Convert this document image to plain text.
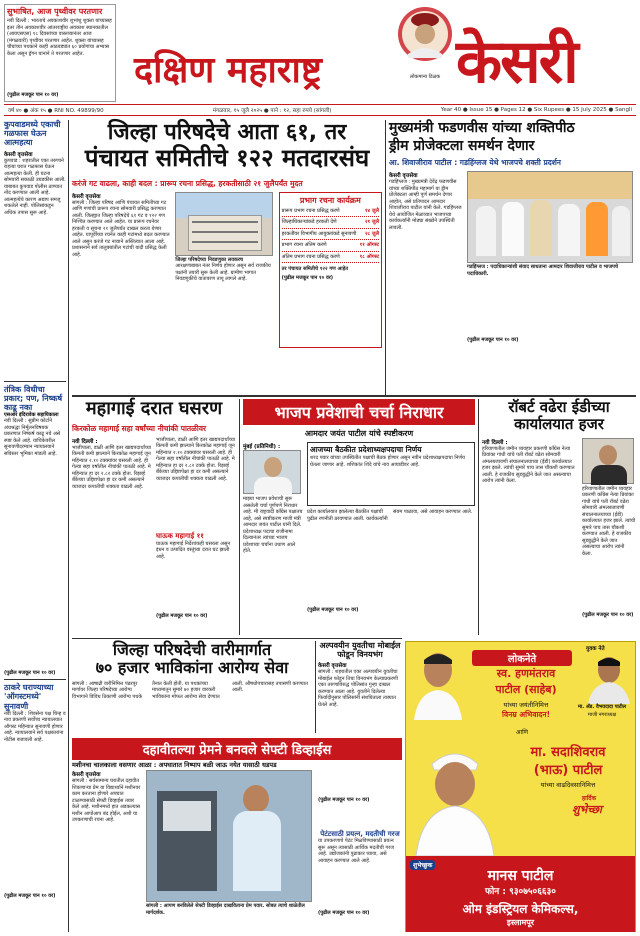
सुभाषित, आज पृथ्वीवर परतणार
नवी दिल्ली : भारताचे अवकाशवीर शुभांशु शुक्ला यांच्यासह इतर तीन अवकाशवीर आंतरराष्ट्रीय अवकाश स्थानकातील (आयएसएस) १८ दिवसांच्या वास्तव्यानंतर आज (मंगळवारी) पृथ्वीवर परतणार आहेत. शुक्ला यांच्यासह चौघांच्या पथकाने काही आठवड्यांत ६० प्रयोगांचा अभ्यास केला असून ड्रॅगन यानाने ते परतणार आहेत.
(पुढील मजकूर पान १० वर)
दक्षिण महाराष्ट्र	लोकमान्य टिळक केसरी
वर्ष ४० ● अंक १५ ● RNI NO. 49899/90	मंगळवार, १५ जुलै २०२५ ● पाने : १२, सहा रुपये (सांगली)	Year 40 ● Issue 15 ● Pages 12 ● Six Rupees ● 15 July 2025 ● Sangli
कुपवाडमध्ये एकाची गळफास घेऊन आत्महत्या
केसरी वृत्तसेवा
कुपवाड : शहरातील एका तरुणाने राहत्या घरात गळफास घेऊन आत्महत्या केली. ही घटना सोमवारी सकाळी उघडकीस आली. याबाबत कुपवाड पोलीस ठाण्यात नोंद करण्यात आली आहे. आत्महत्येचे कारण अद्याप समजू शकलेले नाही. पोलिसांकडून अधिक तपास सुरू आहे.
तंत्रिक विधीचा प्रकार; पण, निष्कर्ष काढू नका
एसआर इंदिरावेक सहायिकाला
नवी दिल्ली : सुप्रीम कोर्टाने अंधश्रद्धा निर्मूलनविषयक प्रकरणात निष्कर्ष काढू नये असे स्पष्ट केले आहे. याचिकेवरील सुनावणीदरम्यान न्यायालयाने सविस्तर भूमिका मांडली आहे.
(पुढील मजकूर पान १० वर)
ठाकरे घराण्याच्या 'ऑगस्टमध्ये' सुनावणी
नवी दिल्ली : शिवसेना पक्ष चिन्ह व नाव प्रकरणी सर्वोच्च न्यायालयात ऑगस्ट महिन्यात सुनावणी होणार आहे. न्यायालयाने सर्व पक्षकारांना नोटीस बजावली आहे.
(पुढील मजकूर पान १० वर)
जिल्हा परिषदेचे आता ६१, तर
पंचायत समितीचे १२२ मतदारसंघ
करंजे गट वाढला, काही बदल : प्रारूप रचना प्रसिद्ध, हरकतीसाठी २१ जुलैपर्यंत मुदत
केसरी वृत्तसेवा
सांगली : जिल्हा परिषद आणि पंचायत समितीच्या गट आणि गणांची प्रारूप रचना सोमवारी प्रसिद्ध करण्यात आली. जिल्ह्यात जिल्हा परिषदेचे ६१ गट व १२२ गण निश्चित करण्यात आले आहेत. या प्रारूप रचनेवर हरकती व सूचना २१ जुलैपर्यंत दाखल करता येणार आहेत. यापूर्वीच्या रचनेत काही गटांमध्ये बदल करण्यात आले असून करंजे गट नव्याने अस्तित्वात आला आहे. प्रशासनाने सर्व तालुक्यांतील गटांची यादी प्रसिद्ध केली आहे.
जिल्हा परिषदेच्या निवडणुका लवकरच
आरक्षणाबाबत नंतर निर्णय होणार असून सर्व राजकीय पक्षांनी तयारी सुरू केली आहे. ग्रामीण भागात निवडणुकीचे वातावरण तापू लागले आहे.
प्रभाग रचना कार्यक्रम
प्रारूप प्रभाग रचना प्रसिद्ध करणे	१४ जुलै
जिल्हाधिकाऱ्यांकडे हरकती देणे	२१ जुलै
हरकतींवर विभागीय आयुक्तांकडे सुनावणी २८ जुलै
प्रभाग रचना अंतिम करणे	११ ऑगस्ट
अंतिम प्रभाग रचना प्रसिद्ध करणे	१८ ऑगस्ट
तर पंचायत समितीचे १२२ गण आहेत
(पुढील मजकूर पान १० वर)
मुख्यमंत्री फडणवीस यांच्या शक्तिपीठ
ड्रीम प्रोजेक्टला समर्थन देणार
आ. शिवाजीराव पाटील : गडहिंग्लज येथे भाजपचे शक्ती प्रदर्शन
केसरी वृत्तसेवा
गडहिंग्लज : मुख्यमंत्री देवेंद्र फडणवीस यांच्या शक्तिपीठ महामार्ग या ड्रीम प्रोजेक्टला आम्ही पूर्ण समर्थन देणार आहोत, असे प्रतिपादन आमदार शिवाजीराव पाटील यांनी केले. गडहिंग्लज येथे आयोजित मेळाव्यात भाजपच्या कार्यकर्त्यांनी मोठ्या संख्येने उपस्थिती लावली.
गडहिंग्लज : पदाधिकाऱ्यांशी संवाद साधताना आमदार शिवाजीराव पाटील व भाजपचे पदाधिकारी.
(पुढील मजकूर पान १० वर)
महागाई दरात घसरण
किरकोळ महागाई सहा वर्षांच्या नीचांकी पातळीवर
नवी दिल्ली :
भाजीपाला, डाळी आणि इतर खाद्यपदार्थांच्या किमती कमी झाल्याने किरकोळ महागाई जून महिन्यात २.१० टक्क्यांवर घसरली आहे. ही गेल्या सहा वर्षांतील नीचांकी पातळी आहे. मे महिन्यात हा दर २.८२ टक्के होता. रिझर्व्ह बँकेच्या उद्दिष्टापेक्षा हा दर कमी असल्याने व्याजदर कपातीची शक्यता वाढली आहे.
भाजीपाला, डाळी आणि इतर खाद्यपदार्थांच्या किमती कमी झाल्याने किरकोळ महागाई जून महिन्यात २.१० टक्क्यांवर घसरली आहे. ही गेल्या सहा वर्षांतील नीचांकी पातळी आहे. मे महिन्यात हा दर २.८२ टक्के होता. रिझर्व्ह बँकेच्या उद्दिष्टापेक्षा हा दर कमी असल्याने व्याजदर कपातीची शक्यता वाढली आहे.
घाऊक महागाई ११
घाऊक महागाई निर्देशांकही घसरला असून इंधन व उत्पादित वस्तूंच्या दरात घट झाली आहे.
(पुढील मजकूर पान १० वर)
भाजप प्रवेशाची चर्चा निराधार
आमदार जयंत पाटील यांचे स्पष्टीकरण
मुंबई (प्रतिनिधी) :
माझ्या भाजप प्रवेशाची सुरू असलेली चर्चा पूर्णपणे निराधार आहे. मी राष्ट्रवादी काँग्रेस पक्षातच आहे, असे स्पष्टीकरण माजी मंत्री आमदार जयंत पाटील यांनी दिले. प्रदेशाध्यक्ष पदाचा राजीनामा दिल्यानंतर त्यांच्या भाजप प्रवेशाच्या चर्चांना उधाण आले होते.
आजच्या बैठकीत प्रदेशाध्यक्षपदाचा निर्णय
शरद पवार यांच्या उपस्थितीत पक्षाची बैठक होणार असून नवीन प्रदेशाध्यक्षपदाचा निर्णय घेतला जाणार आहे. शशिकांत शिंदे यांचे नाव आघाडीवर आहे.
प्रदेश कार्यालयात झालेल्या बैठकीत पक्षाची पुढील रणनीती ठरवण्यात आली. कार्यकर्त्यांनी संयम पाळावा, असे आवाहन करण्यात आले.
(पुढील मजकूर पान १० वर)
रॉबर्ट वढेरा ईडीच्या
कार्यालयात हजर
नवी दिल्ली :
हरियाणातील जमीन व्यवहार प्रकरणी काँग्रेस नेत्या प्रियांका गांधी यांचे पती रॉबर्ट वढेरा सोमवारी अंमलबजावणी संचालनालयाच्या (ईडी) कार्यालयात हजर झाले. त्यांची सुमारे पाच तास चौकशी करण्यात आली. हे राजकीय सूडबुद्धीने केले जात असल्याचा आरोप त्यांनी केला.
हरियाणातील जमीन व्यवहार प्रकरणी काँग्रेस नेत्या प्रियांका गांधी यांचे पती रॉबर्ट वढेरा सोमवारी अंमलबजावणी संचालनालयाच्या (ईडी) कार्यालयात हजर झाले. त्यांची सुमारे पाच तास चौकशी करण्यात आली. हे राजकीय सूडबुद्धीने केले जात असल्याचा आरोप त्यांनी केला.
(पुढील मजकूर पान १० वर)
जिल्हा परिषदेची वारीमार्गात
७० हजार भाविकांना आरोग्य सेवा
सांगली : आषाढी वारीनिमित्त पंढरपूर मार्गावर जिल्हा परिषदेच्या आरोग्य विभागाने विविध ठिकाणी आरोग्य पथके तैनात केली होती. या पथकांच्या माध्यमातून सुमारे ७० हजार वारकरी भाविकांना मोफत आरोग्य सेवा देण्यात आली. औषधोपचारासह तपासणी करण्यात आली.
अल्पवयीन युवतीचा मोबाईल फोडून विनयभंग
केसरी वृत्तसेवा
सांगली : शहरातील एका अल्पवयीन युवतीचा मोबाईल फोडून तिचा विनयभंग केल्याप्रकरणी एका तरुणाविरुद्ध पोलिसांत गुन्हा दाखल करण्यात आला आहे. युवतीने दिलेल्या फिर्यादीनुसार पोलिसांनी संशयिताला ताब्यात घेतले आहे.
(पुढील मजकूर पान १० वर)
युवक नेते
लोकनेते
स्व. हणमंतराव
पाटील (साहेब)
यांच्या जयंतीनिमित्त
विनम्र अभिवादन!
मा. ॲड. वैभवदादा पाटील
माजी नगराध्यक्ष
आणि
मा. सदाशिवराव
(भाऊ) पाटील
यांच्या वाढदिवसानिमित्त
हार्दिक
शुभेच्छा
शुभेच्छुक
मानस पाटील
फोन : ९३०७५०६६३०
ओम इंडस्ट्रियल केमिकल्स,
इस्लामपूर
दहावीतल्या प्रेमने बनवले सेफ्टी डिव्हाईस
मशीनचा चालकाला वसणार आळा : अपघातात निष्पाप बळी जाऊ नयेत यासाठी धडपड
केसरी वृत्तसेवा
सांगली : सर्वसामान्य घरातील दहावीत शिकणाऱ्या प्रेम या विद्यार्थ्याने मशीनवर काम करताना होणारे अपघात टाळण्यासाठी सेफ्टी डिव्हाईस तयार केले आहे. मशीनमध्ये हात अडकल्यास मशीन आपोआप बंद होईल, अशी या उपकरणाची रचना आहे.
सांगली : आपण बनविलेले सेफ्टी डिव्हाईस दाखविताना प्रेम पवार. सोबत त्याचे शाळेतील मार्गदर्शक.
पेटंटसाठी प्रयत्न, मदतीची गरज
या उपकरणाचे पेटंट मिळविण्यासाठी प्रयत्न सुरू असून त्यासाठी आर्थिक मदतीची गरज आहे. उद्योजकांनी पुढाकार घ्यावा, असे आवाहन करण्यात आले आहे.
(पुढील मजकूर पान १० वर)
